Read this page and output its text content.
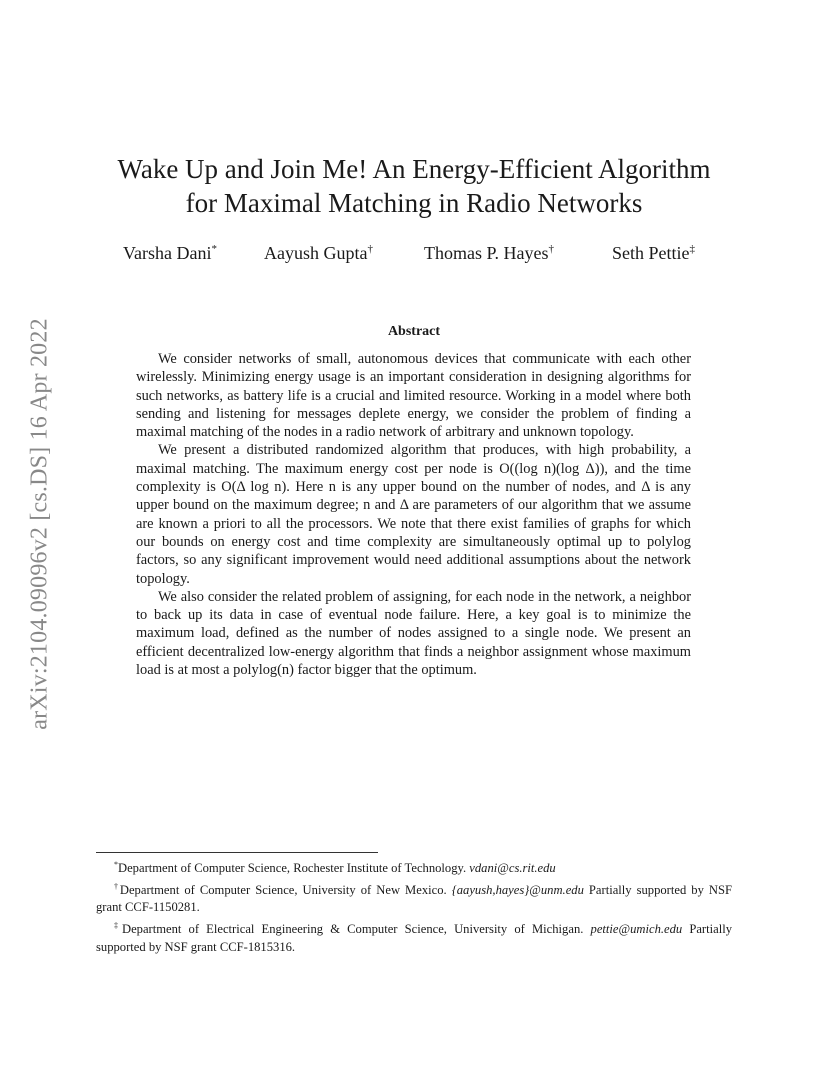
arXiv:2104.09096v2 [cs.DS] 16 Apr 2022
Wake Up and Join Me! An Energy-Efficient Algorithm
for Maximal Matching in Radio Networks
Varsha Dani*	Aayush Gupta†	Thomas P. Hayes†	Seth Pettie‡
Abstract

We consider networks of small, autonomous devices that communicate with each other wirelessly. Minimizing energy usage is an important consideration in designing algorithms for such networks, as battery life is a crucial and limited resource. Working in a model where both sending and listening for messages deplete energy, we consider the problem of finding a maximal matching of the nodes in a radio network of arbitrary and unknown topology.

We present a distributed randomized algorithm that produces, with high probability, a maximal matching. The maximum energy cost per node is O((log n)(log Δ)), and the time complexity is O(Δ log n). Here n is any upper bound on the number of nodes, and Δ is any upper bound on the maximum degree; n and Δ are parameters of our algorithm that we assume are known a priori to all the processors. We note that there exist families of graphs for which our bounds on energy cost and time complexity are simultaneously optimal up to polylog factors, so any significant improvement would need additional assumptions about the network topology.

We also consider the related problem of assigning, for each node in the network, a neighbor to back up its data in case of eventual node failure. Here, a key goal is to minimize the maximum load, defined as the number of nodes assigned to a single node. We present an efficient decentralized low-energy algorithm that finds a neighbor assignment whose maximum load is at most a polylog(n) factor bigger that the optimum.

*Department of Computer Science, Rochester Institute of Technology. vdani@cs.rit.edu

†Department of Computer Science, University of New Mexico. {aayush,hayes}@unm.edu Partially supported by NSF grant CCF-1150281.

‡Department of Electrical Engineering & Computer Science, University of Michigan. pettie@umich.edu Partially supported by NSF grant CCF-1815316.
